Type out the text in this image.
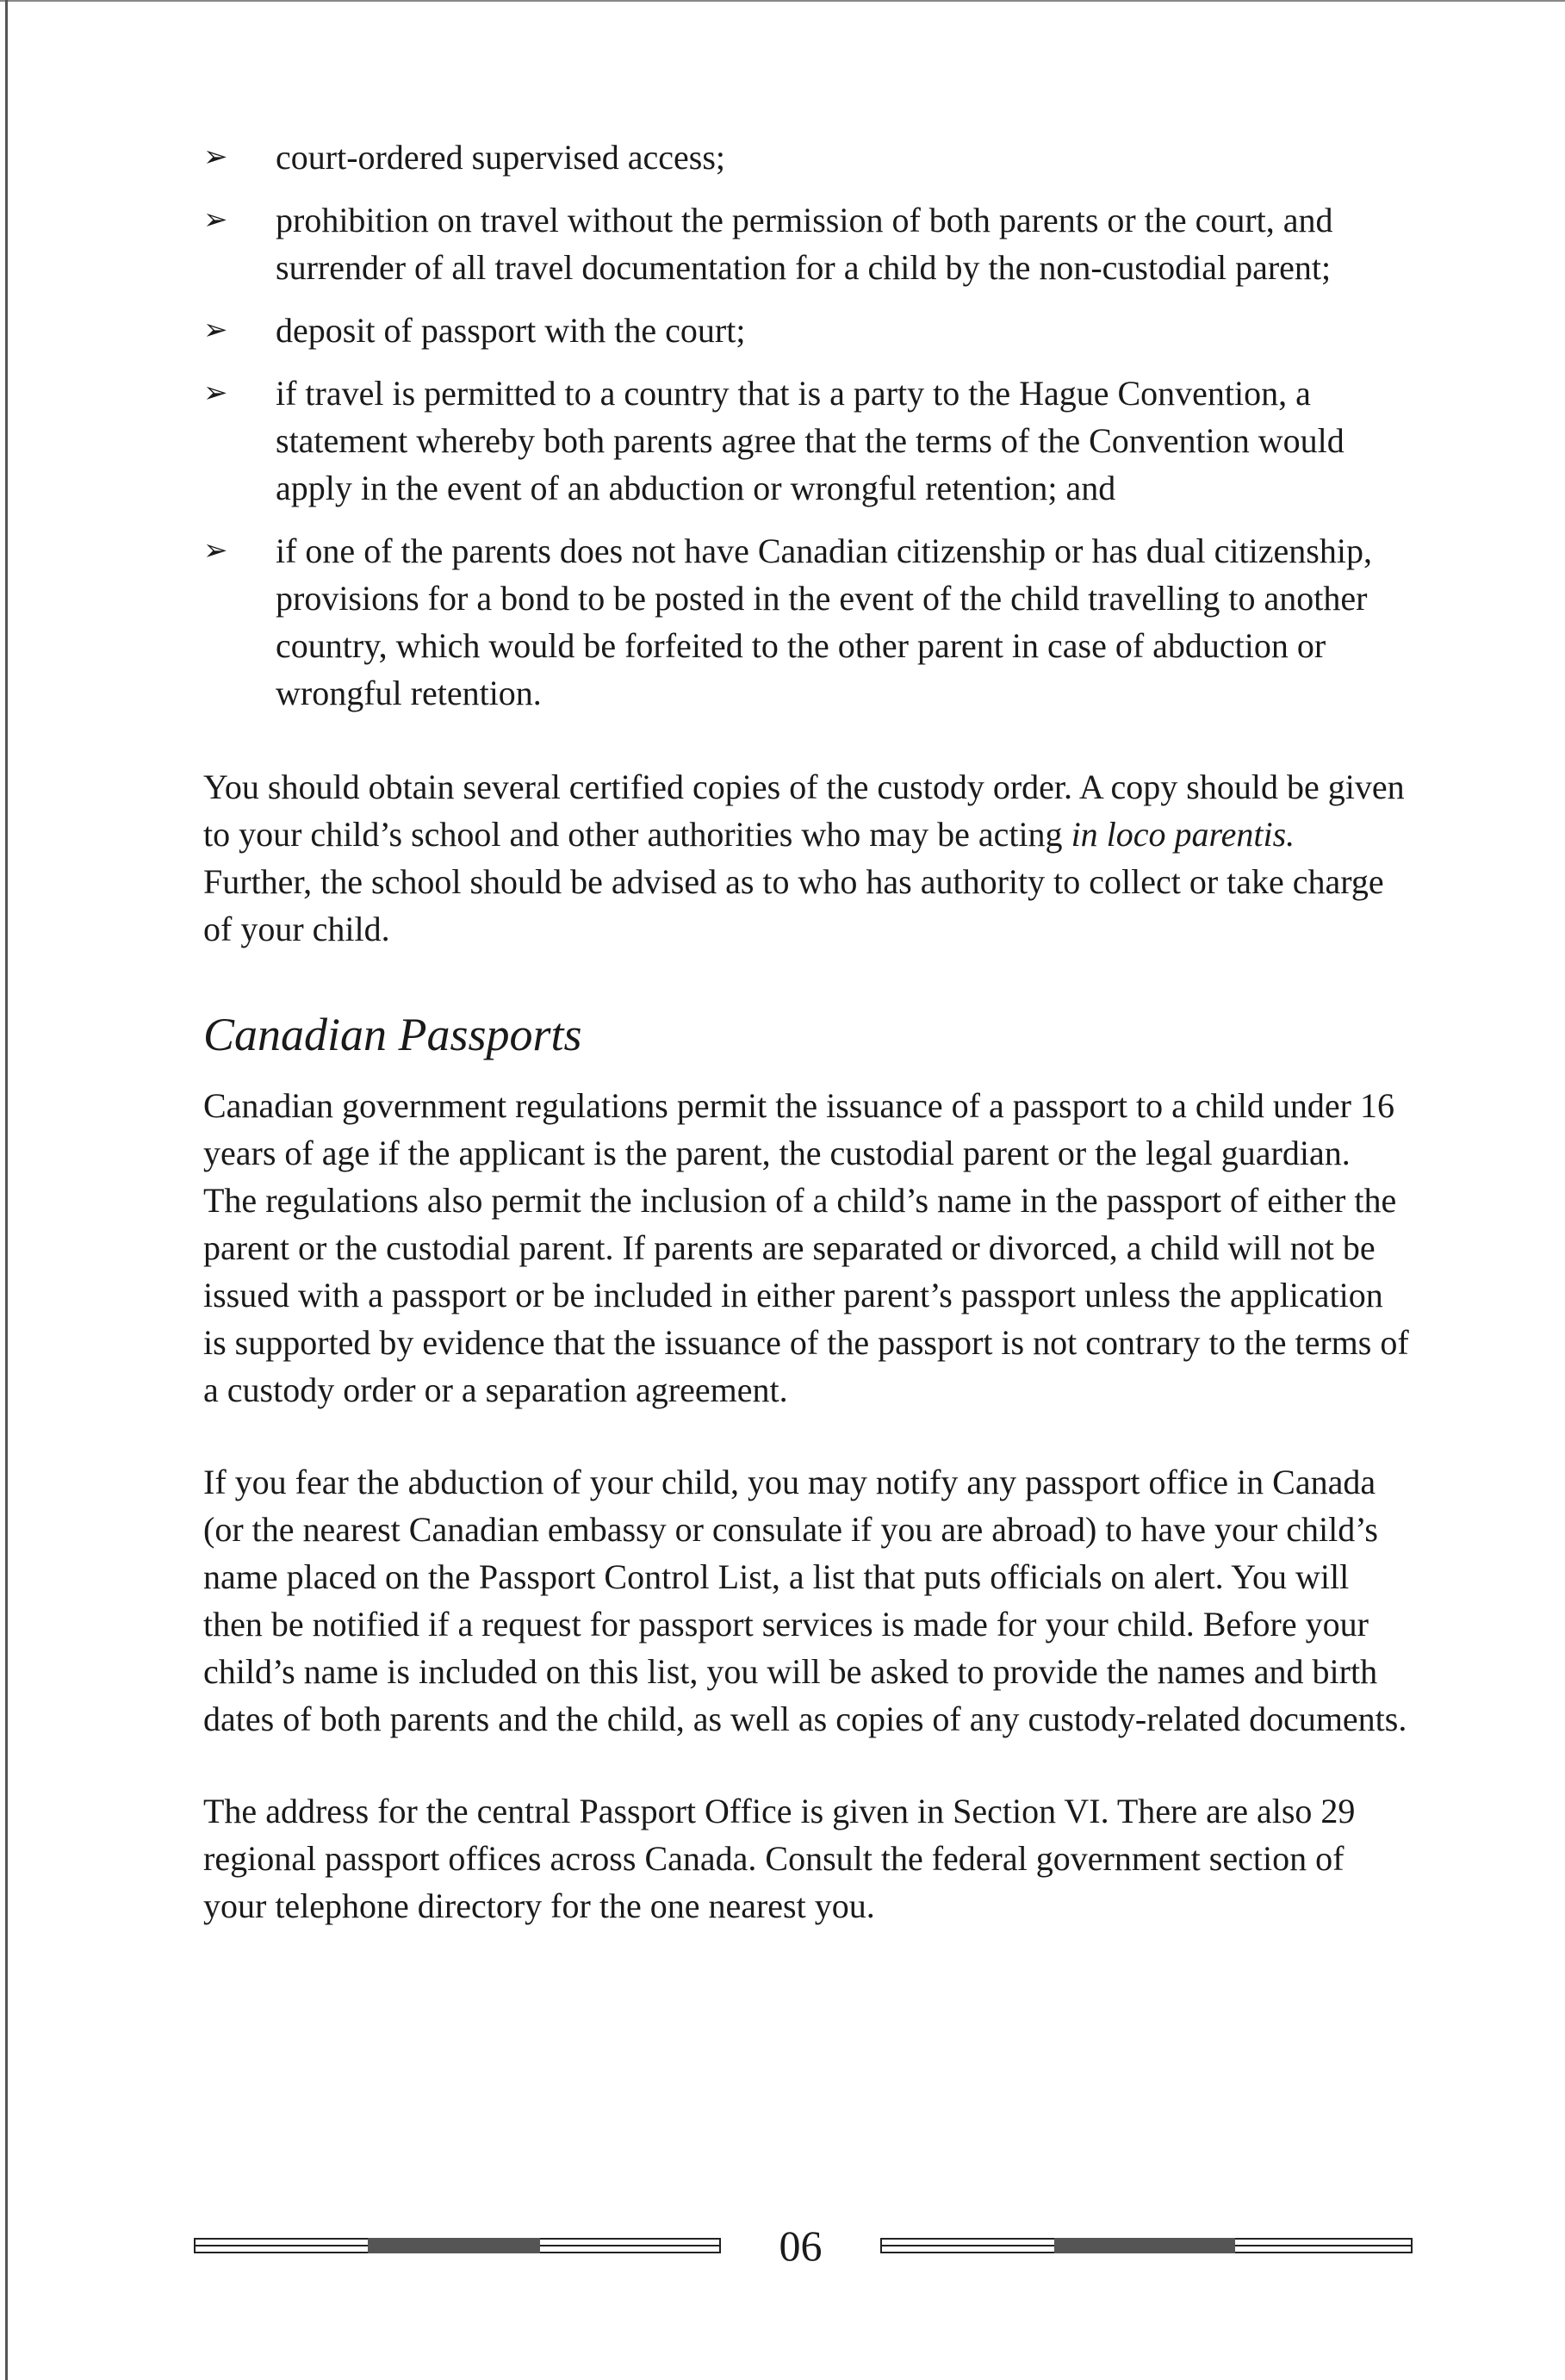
➢ court-ordered supervised access;
➢ prohibition on travel without the permission of both parents or the court, and surrender of all travel documentation for a child by the non-custodial parent;
➢ deposit of passport with the court;
➢ if travel is permitted to a country that is a party to the Hague Convention, a statement whereby both parents agree that the terms of the Convention would apply in the event of an abduction or wrongful retention; and
➢ if one of the parents does not have Canadian citizenship or has dual citizenship, provisions for a bond to be posted in the event of the child travelling to another country, which would be forfeited to the other parent in case of abduction or wrongful retention.

You should obtain several certified copies of the custody order. A copy should be given to your child’s school and other authorities who may be acting in loco parentis. Further, the school should be advised as to who has authority to collect or take charge of your child.

Canadian Passports

Canadian government regulations permit the issuance of a passport to a child under 16 years of age if the applicant is the parent, the custodial parent or the legal guardian. The regulations also permit the inclusion of a child’s name in the passport of either the parent or the custodial parent. If parents are separated or divorced, a child will not be issued with a passport or be included in either parent’s passport unless the application is supported by evidence that the issuance of the passport is not contrary to the terms of a custody order or a separation agreement.

If you fear the abduction of your child, you may notify any passport office in Canada (or the nearest Canadian embassy or consulate if you are abroad) to have your child’s name placed on the Passport Control List, a list that puts officials on alert. You will then be notified if a request for passport services is made for your child. Before your child’s name is included on this list, you will be asked to provide the names and birth dates of both parents and the child, as well as copies of any custody-related documents.

The address for the central Passport Office is given in Section VI. There are also 29 regional passport offices across Canada. Consult the federal government section of your telephone directory for the one nearest you.

06
